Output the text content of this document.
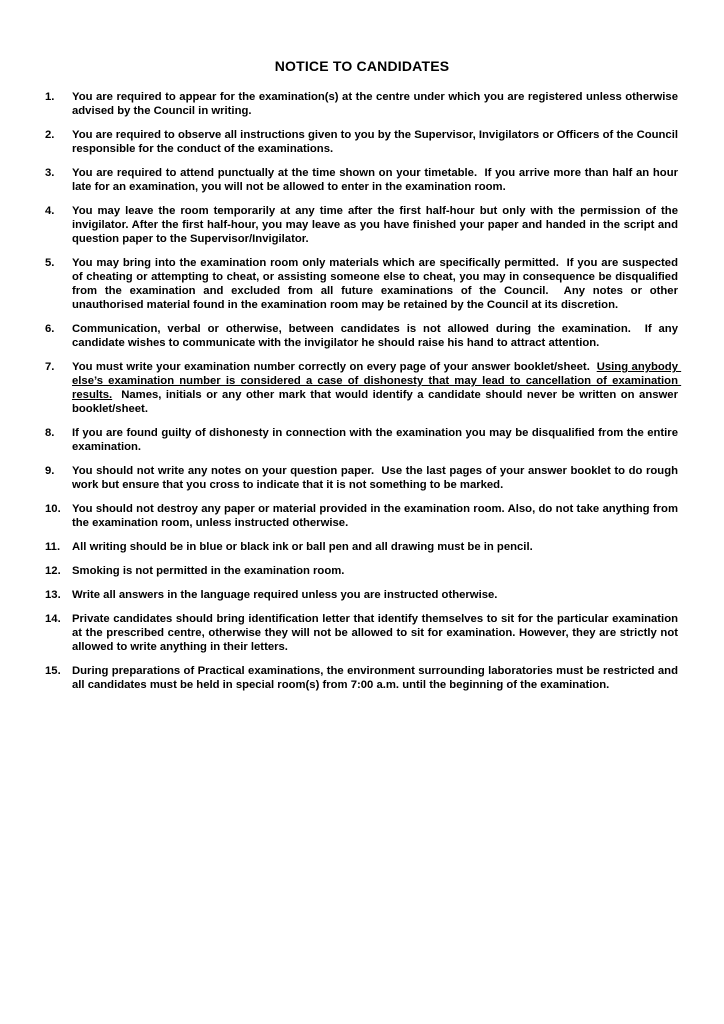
NOTICE TO CANDIDATES
1. You are required to appear for the examination(s) at the centre under which you are registered unless otherwise advised by the Council in writing.
2. You are required to observe all instructions given to you by the Supervisor, Invigilators or Officers of the Council responsible for the conduct of the examinations.
3. You are required to attend punctually at the time shown on your timetable.  If you arrive more than half an hour late for an examination, you will not be allowed to enter in the examination room.
4. You may leave the room temporarily at any time after the first half-hour but only with the permission of the invigilator. After the first half-hour, you may leave as you have finished your paper and handed in the script and question paper to the Supervisor/Invigilator.
5. You may bring into the examination room only materials which are specifically permitted.  If you are suspected of cheating or attempting to cheat, or assisting someone else to cheat, you may in consequence be disqualified from the examination and excluded from all future examinations of the Council.  Any notes or other unauthorised material found in the examination room may be retained by the Council at its discretion.
6. Communication, verbal or otherwise, between candidates is not allowed during the examination.  If any candidate wishes to communicate with the invigilator he should raise his hand to attract attention.
7. You must write your examination number correctly on every page of your answer booklet/sheet.  Using anybody else’s examination number is considered a case of dishonesty that may lead to cancellation of examination results.  Names, initials or any other mark that would identify a candidate should never be written on answer booklet/sheet.
8. If you are found guilty of dishonesty in connection with the examination you may be disqualified from the entire examination.
9. You should not write any notes on your question paper.  Use the last pages of your answer booklet to do rough work but ensure that you cross to indicate that it is not something to be marked.
10. You should not destroy any paper or material provided in the examination room. Also, do not take anything from the examination room, unless instructed otherwise.
11. All writing should be in blue or black ink or ball pen and all drawing must be in pencil.
12. Smoking is not permitted in the examination room.
13. Write all answers in the language required unless you are instructed otherwise.
14. Private candidates should bring identification letter that identify themselves to sit for the particular examination at the prescribed centre, otherwise they will not be allowed to sit for examination. However, they are strictly not allowed to write anything in their letters.
15. During preparations of Practical examinations, the environment surrounding laboratories must be restricted and all candidates must be held in special room(s) from 7:00 a.m. until the beginning of the examination.
